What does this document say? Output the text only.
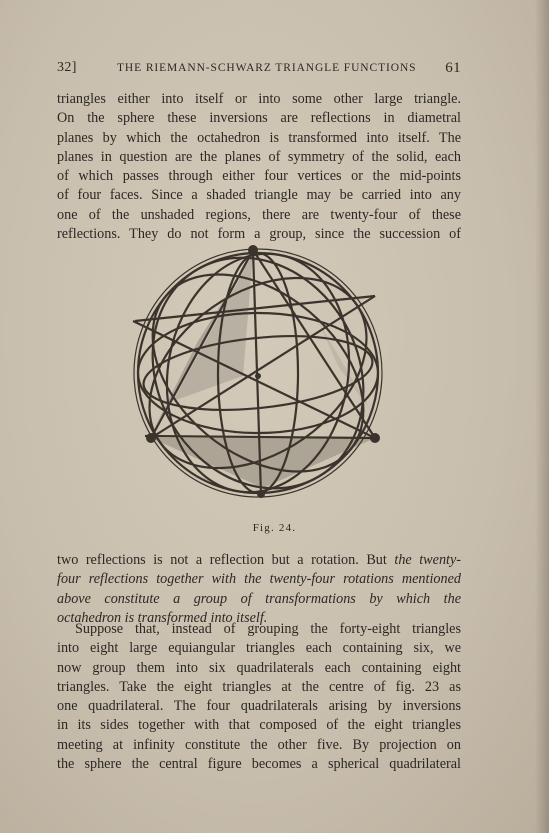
32]	THE RIEMANN-SCHWARZ TRIANGLE FUNCTIONS 61
triangles either into itself or into some other large triangle.
On the sphere these inversions are reflections in diametral
planes by which the octahedron is transformed into itself. The
planes in question are the planes of symmetry of the solid, each
of which passes through either four vertices or the mid-points
of four faces. Since a shaded triangle may be carried into any
one of the unshaded regions, there are twenty-four of these
reflections. They do not form a group, since the succession of
Fig. 24.
two reflections is not a reflection but a rotation. But the twenty-
four reflections together with the twenty-four rotations mentioned
above constitute a group of transformations by which the
octahedron is transformed into itself.
Suppose that, instead of grouping the forty-eight triangles
into eight large equiangular triangles each containing six, we
now group them into six quadrilaterals each containing eight
triangles. Take the eight triangles at the centre of fig. 23 as
one quadrilateral. The four quadrilaterals arising by inversions
in its sides together with that composed of the eight triangles
meeting at infinity constitute the other five. By projection on
the sphere the central figure becomes a spherical quadrilateral
